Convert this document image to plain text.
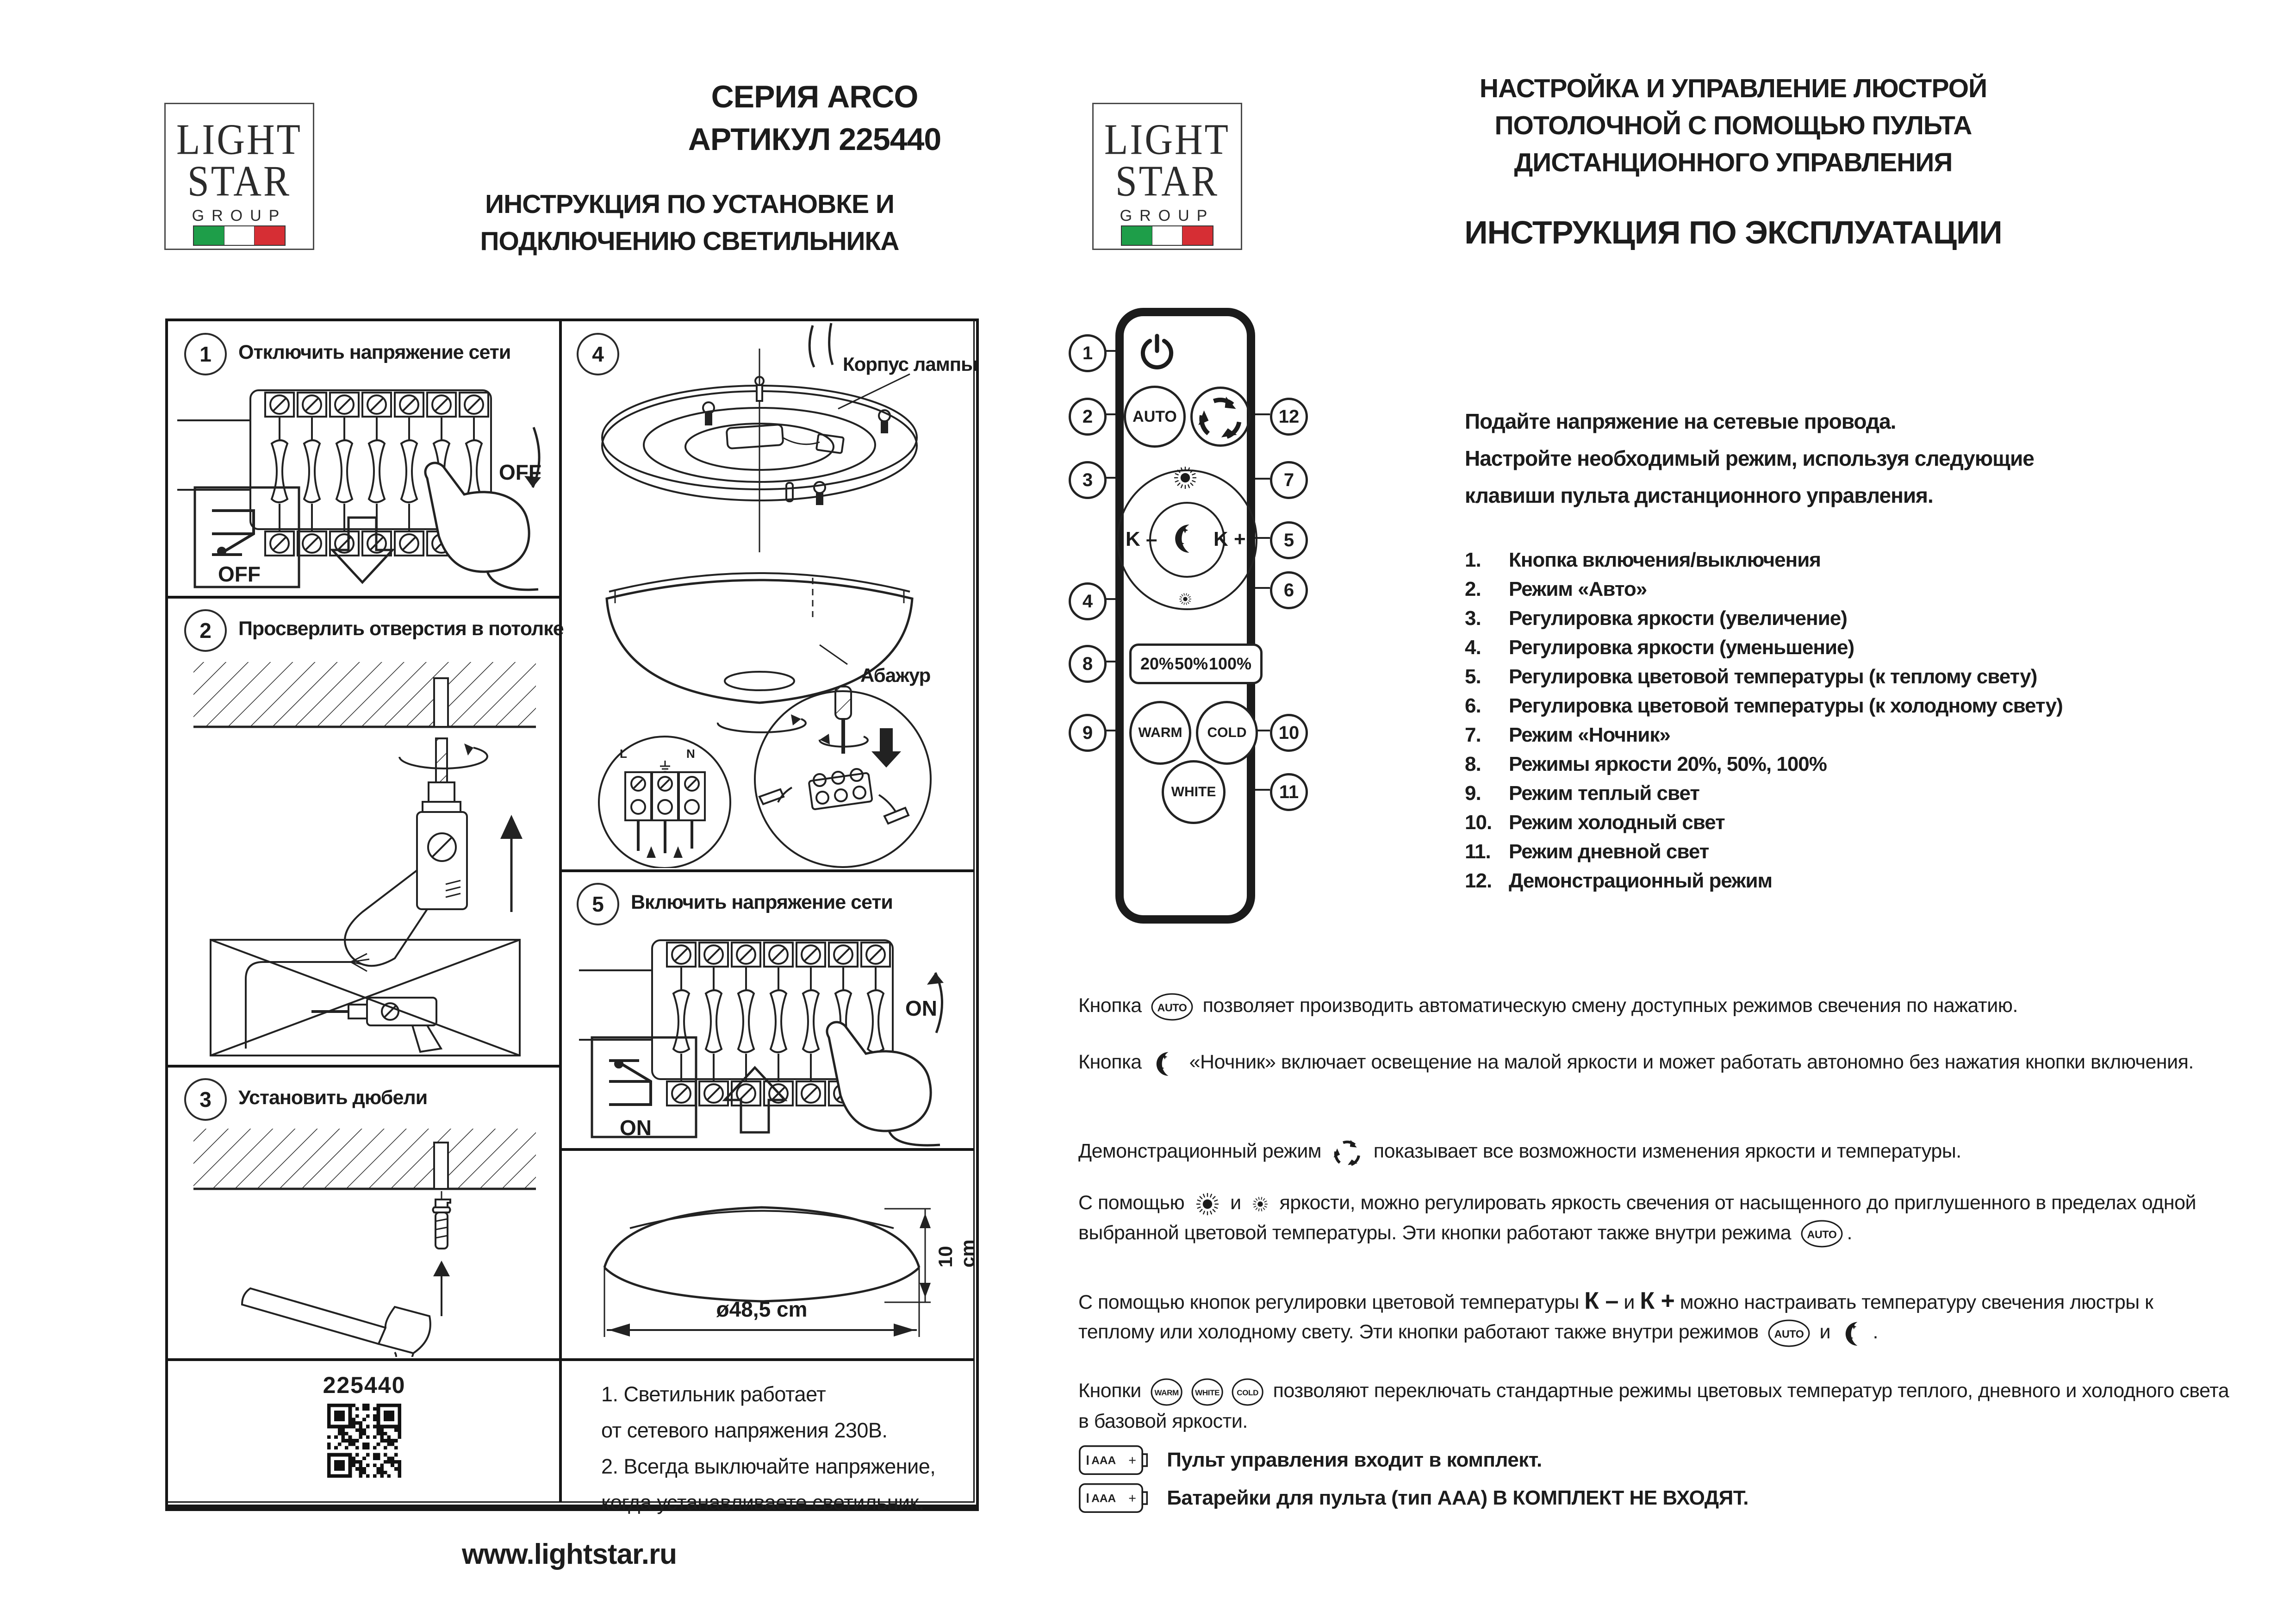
LIGHT
STAR
GROUP
СЕРИЯ ARCO
АРТИКУЛ 225440
ИНСТРУКЦИЯ ПО УСТАНОВКЕ И
ПОДКЛЮЧЕНИЮ СВЕТИЛЬНИКА
LIGHT
STAR
GROUP
НАСТРОЙКА И УПРАВЛЕНИЕ ЛЮСТРОЙ
ПОТОЛОЧНОЙ С ПОМОЩЬЮ ПУЛЬТА
ДИСТАНЦИОННОГО УПРАВЛЕНИЯ
ИНСТРУКЦИЯ ПО ЭКСПЛУАТАЦИИ
1	Отключить напряжение сети
OFF
OFF
2	Просверлить отверстия в потолке
3	Установить дюбели
225440
4	Корпус лампы
Абажур
L	N
5	Включить напряжение сети
ON
ON
10 cm
ø48,5 cm
1. Светильник работает
от сетевого напряжения 230В.
2. Всегда выключайте напряжение,
когда устанавливаете светильник.
www.lightstar.ru
AUTO
K –	K +
20% 50% 100%
WARM COLD
WHITE
1
2
3
4
5
6
7
8
9	10
11
12	Подайте напряжение на сетевые провода.
Настройте необходимый режим, используя следующие
клавиши пульта дистанционного управления.
1.	Кнопка включения/выключения
2.	Режим «Авто»
3.	Регулировка яркости (увеличение)
4.	Регулировка яркости (уменьшение)
5.	Регулировка цветовой температуры (к теплому свету)
6.	Регулировка цветовой температуры (к холодному свету)
7.	Режим «Ночник»
8.	Режимы яркости 20%, 50%, 100%
9.	Режим теплый свет
10. Режим холодный свет
11. Режим дневной свет
12. Демонстрационный режим
Кнопка AUTO позволяет производить автоматическую смену доступных режимов свечения по нажатию.
Кнопка
«Ночник» включает освещение на малой яркости и может работать автономно без нажатия кнопки включения.
Демонстрационный режим
показывает все возможности изменения яркости и температуры.
С помощью
и
яркости, можно регулировать яркость свечения от насыщенного до приглушенного в пределах одной выбранной цветовой температуры. Эти кнопки работают также внутри режима AUTO .
С помощью кнопок регулировки цветовой температуры К – и К + можно настраивать температуру свечения люстры к теплому или холодному свету. Эти кнопки работают также внутри режимов AUTO и
.
Кнопки WARM WHITE COLD позволяют переключать стандартные режимы цветовых температур теплого, дневного и холодного света в базовой яркости.
AAA + Пульт управления входит в комплект.
AAA + Батарейки для пульта (тип AAA) В КОМПЛЕКТ НЕ ВХОДЯТ.
